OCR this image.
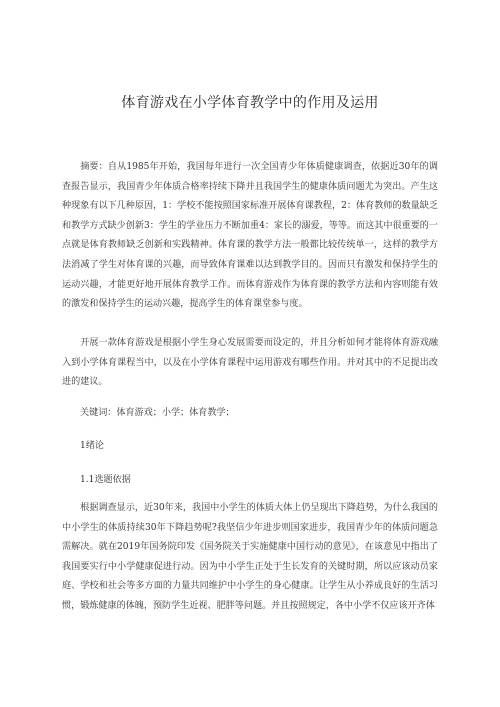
体育游戏在小学体育教学中的作用及运用

摘要：自从1985年开始，我国每年进行一次全国青少年体质健康调查，依据近30年的调查报告显示，我国青少年体质合格率持续下降并且我国学生的健康体质问题尤为突出。产生这种现象有以下几种原因，1：学校不能按照国家标准开展体育课教程，2：体育教师的数量缺乏和教学方式缺少创新3：学生的学业压力不断加重4：家长的溺爱，等等。而这其中很重要的一点就是体育教师缺乏创新和实践精神。体育课的教学方法一般都比较传统单一，这样的教学方法消减了学生对体育课的兴趣，而导致体育课难以达到教学目的。因而只有激发和保持学生的运动兴趣，才能更好地开展体育教学工作。而体育游戏作为体育课的教学方法和内容则能有效的激发和保持学生的运动兴趣，提高学生的体育课堂参与度。

开展一款体育游戏是根据小学生身心发展需要而设定的，并且分析如何才能将体育游戏融入到小学体育课程当中，以及在小学体育课程中运用游戏有哪些作用。并对其中的不足提出改进的建议。

关键词：体育游戏；小学；体育教学；
1绪论
1.1选题依据

根据调查显示，近30年来，我国中小学生的体质大体上仍呈现出下降趋势，为什么我国的中小学生的体质持续30年下降趋势呢?我坚信少年进步则国家进步，我国青少年的体质问题急需解决。就在2019年国务院印发《国务院关于实施健康中国行动的意见》，在该意见中指出了我国要实行中小学健康促进行动。因为中小学生正处于生长发育的关键时期，所以应该动员家庭、学校和社会等多方面的力量共同维护中小学生的身心健康。让学生从小养成良好的生活习惯，锻炼健康的体魄，预防学生近视、肥胖等问题。并且按照规定，各中小学不仅应该开齐体
